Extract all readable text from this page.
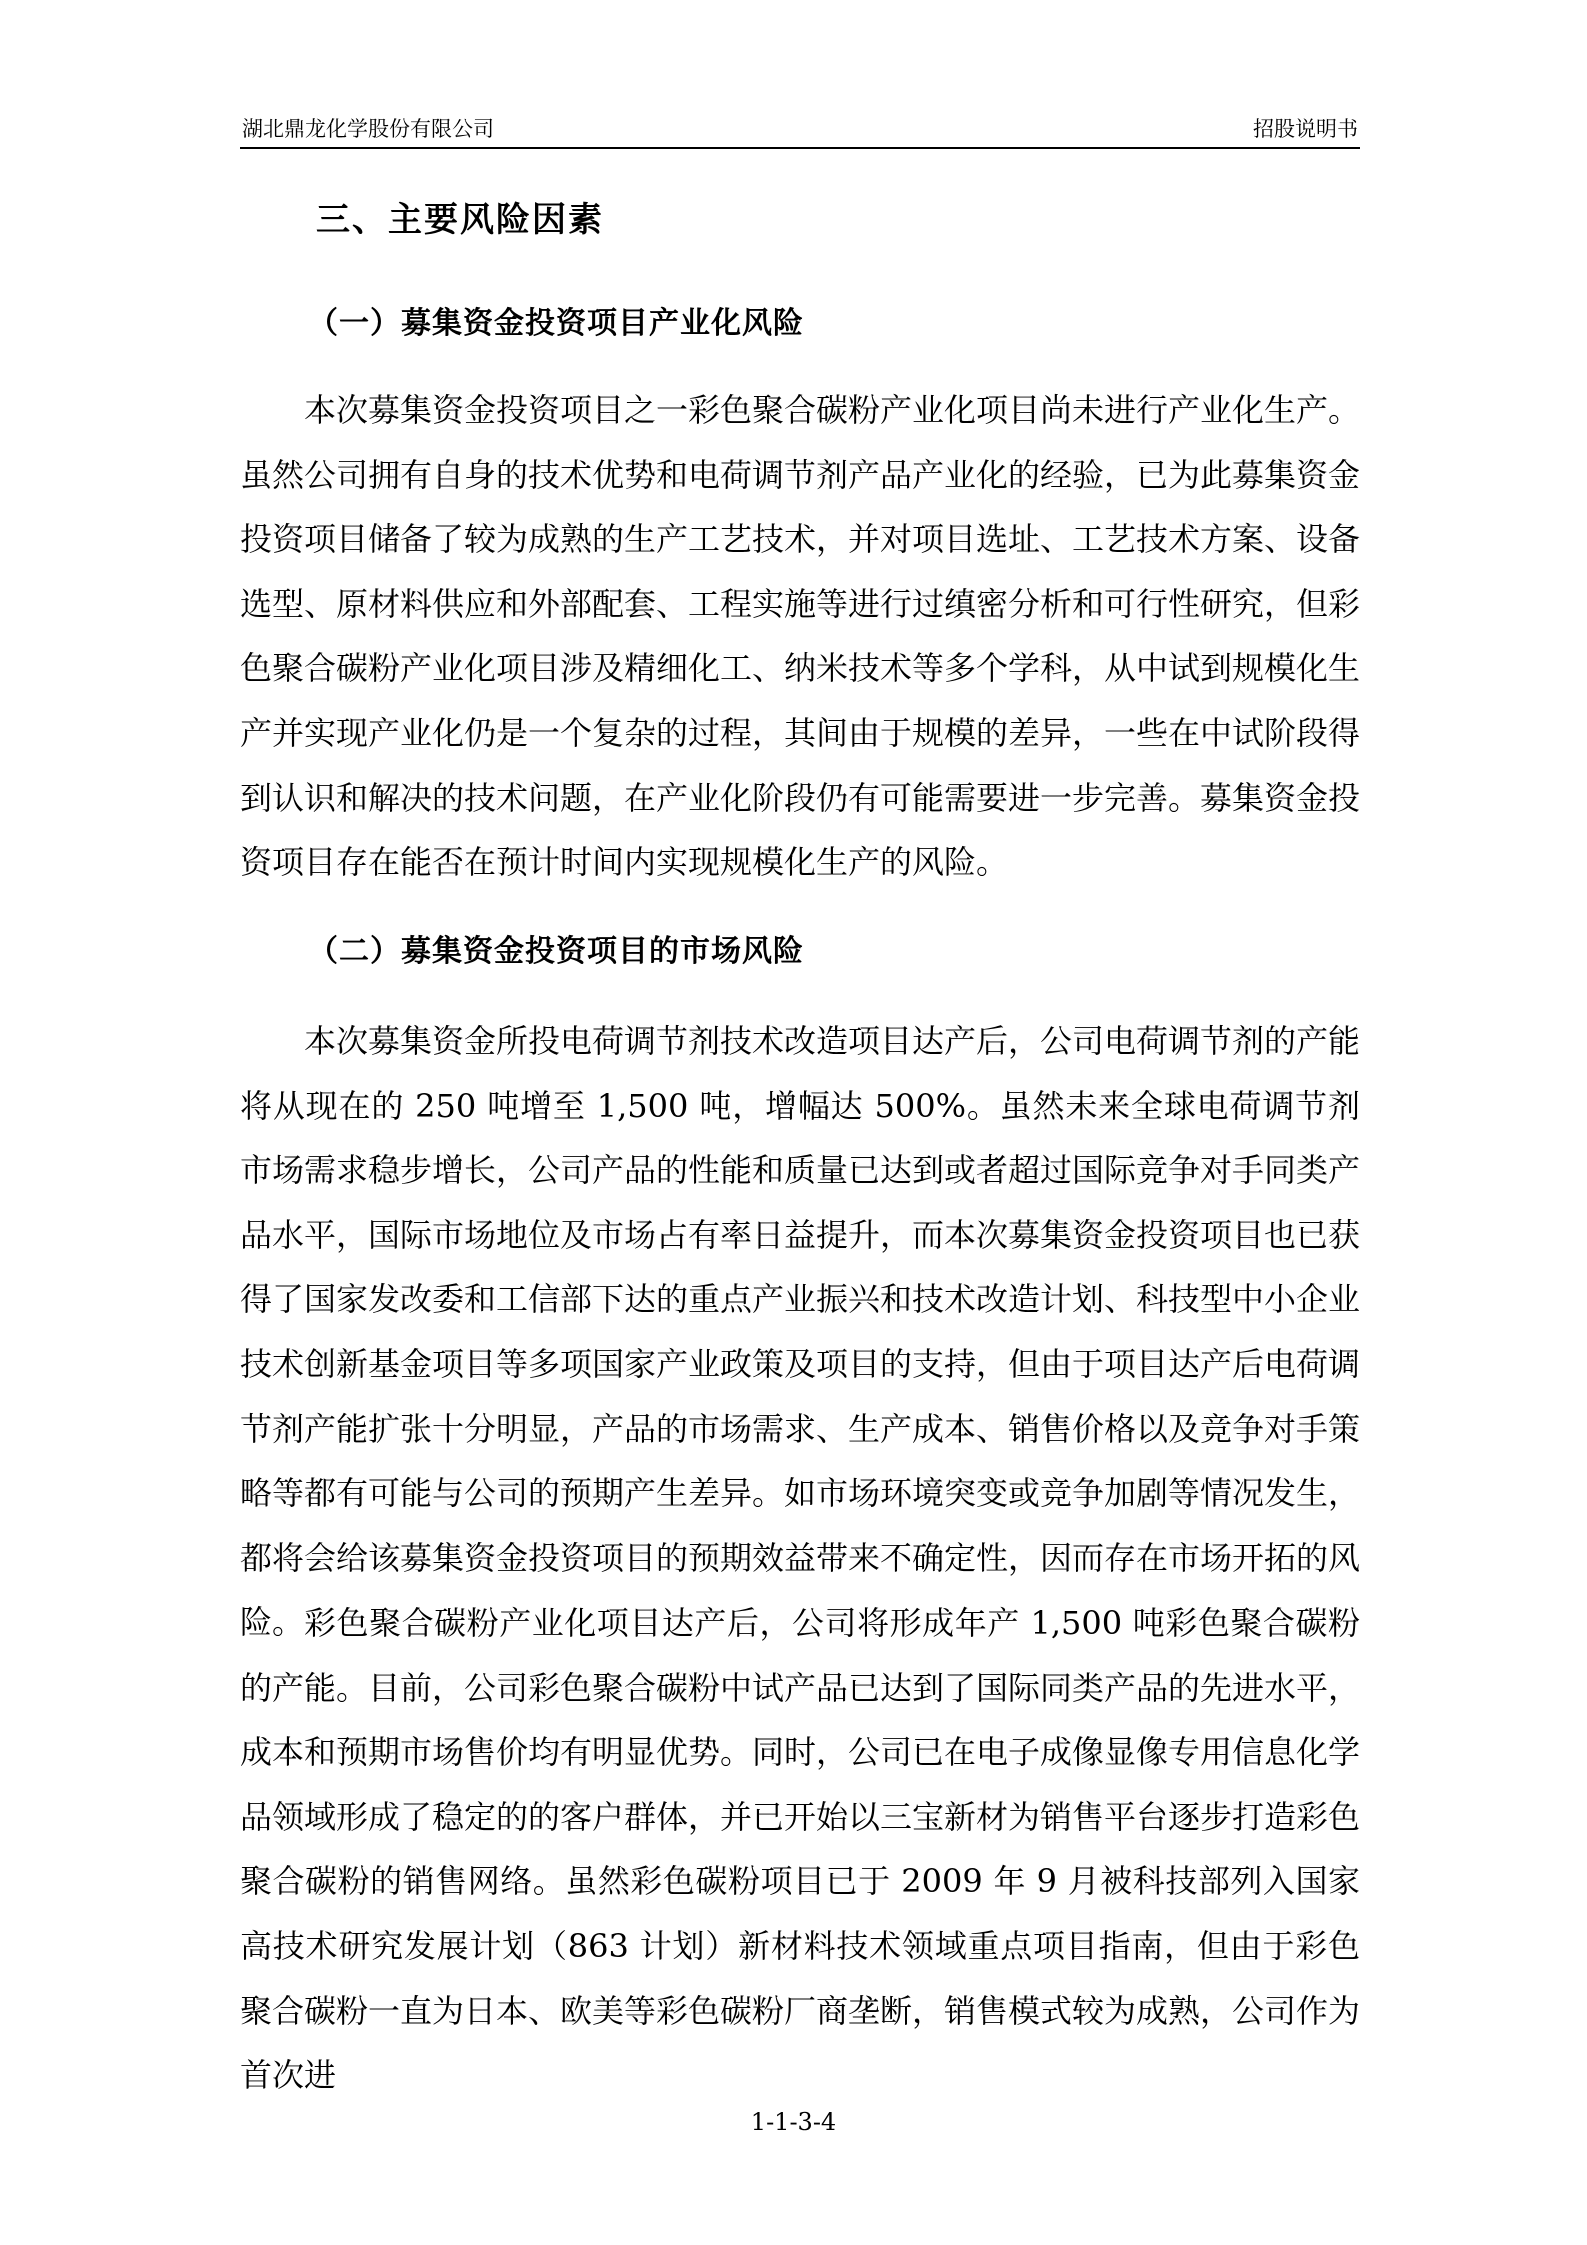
湖北鼎龙化学股份有限公司	招股说明书
三、主要风险因素
（一）募集资金投资项目产业化风险
本次募集资金投资项目之一彩色聚合碳粉产业化项目尚未进行产业化生产。虽然公司拥有自身的技术优势和电荷调节剂产品产业化的经验，已为此募集资金投资项目储备了较为成熟的生产工艺技术，并对项目选址、工艺技术方案、设备选型、原材料供应和外部配套、工程实施等进行过缜密分析和可行性研究，但彩色聚合碳粉产业化项目涉及精细化工、纳米技术等多个学科，从中试到规模化生产并实现产业化仍是一个复杂的过程，其间由于规模的差异，一些在中试阶段得到认识和解决的技术问题，在产业化阶段仍有可能需要进一步完善。募集资金投资项目存在能否在预计时间内实现规模化生产的风险。
（二）募集资金投资项目的市场风险
本次募集资金所投电荷调节剂技术改造项目达产后，公司电荷调节剂的产能将从现在的 250 吨增至 1,500 吨，增幅达 500%。虽然未来全球电荷调节剂市场需求稳步增长，公司产品的性能和质量已达到或者超过国际竞争对手同类产品水平，国际市场地位及市场占有率日益提升，而本次募集资金投资项目也已获得了国家发改委和工信部下达的重点产业振兴和技术改造计划、科技型中小企业技术创新基金项目等多项国家产业政策及项目的支持，但由于项目达产后电荷调节剂产能扩张十分明显，产品的市场需求、生产成本、销售价格以及竞争对手策略等都有可能与公司的预期产生差异。如市场环境突变或竞争加剧等情况发生，都将会给该募集资金投资项目的预期效益带来不确定性，因而存在市场开拓的风险。 彩色聚合碳粉产业化项目达产后，公司将形成年产 1,500 吨彩色聚合碳粉的产能。目前，公司彩色聚合碳粉中试产品已达到了国际同类产品的先进水平，成本和预期市场售价均有明显优势。同时，公司已在电子成像显像专用信息化学品领域形成了稳定的的客户群体，并已开始以三宝新材为销售平台逐步打造彩色聚合碳粉的销售网络。虽然彩色碳粉项目已于 2009 年 9 月被科技部列入国家高技术研究发展计划（863 计划）新材料技术领域重点项目指南，但由于彩色聚合碳粉一直为日本、欧美等彩色碳粉厂商垄断，销售模式较为成熟，公司作为首次进
1-1-3-4
